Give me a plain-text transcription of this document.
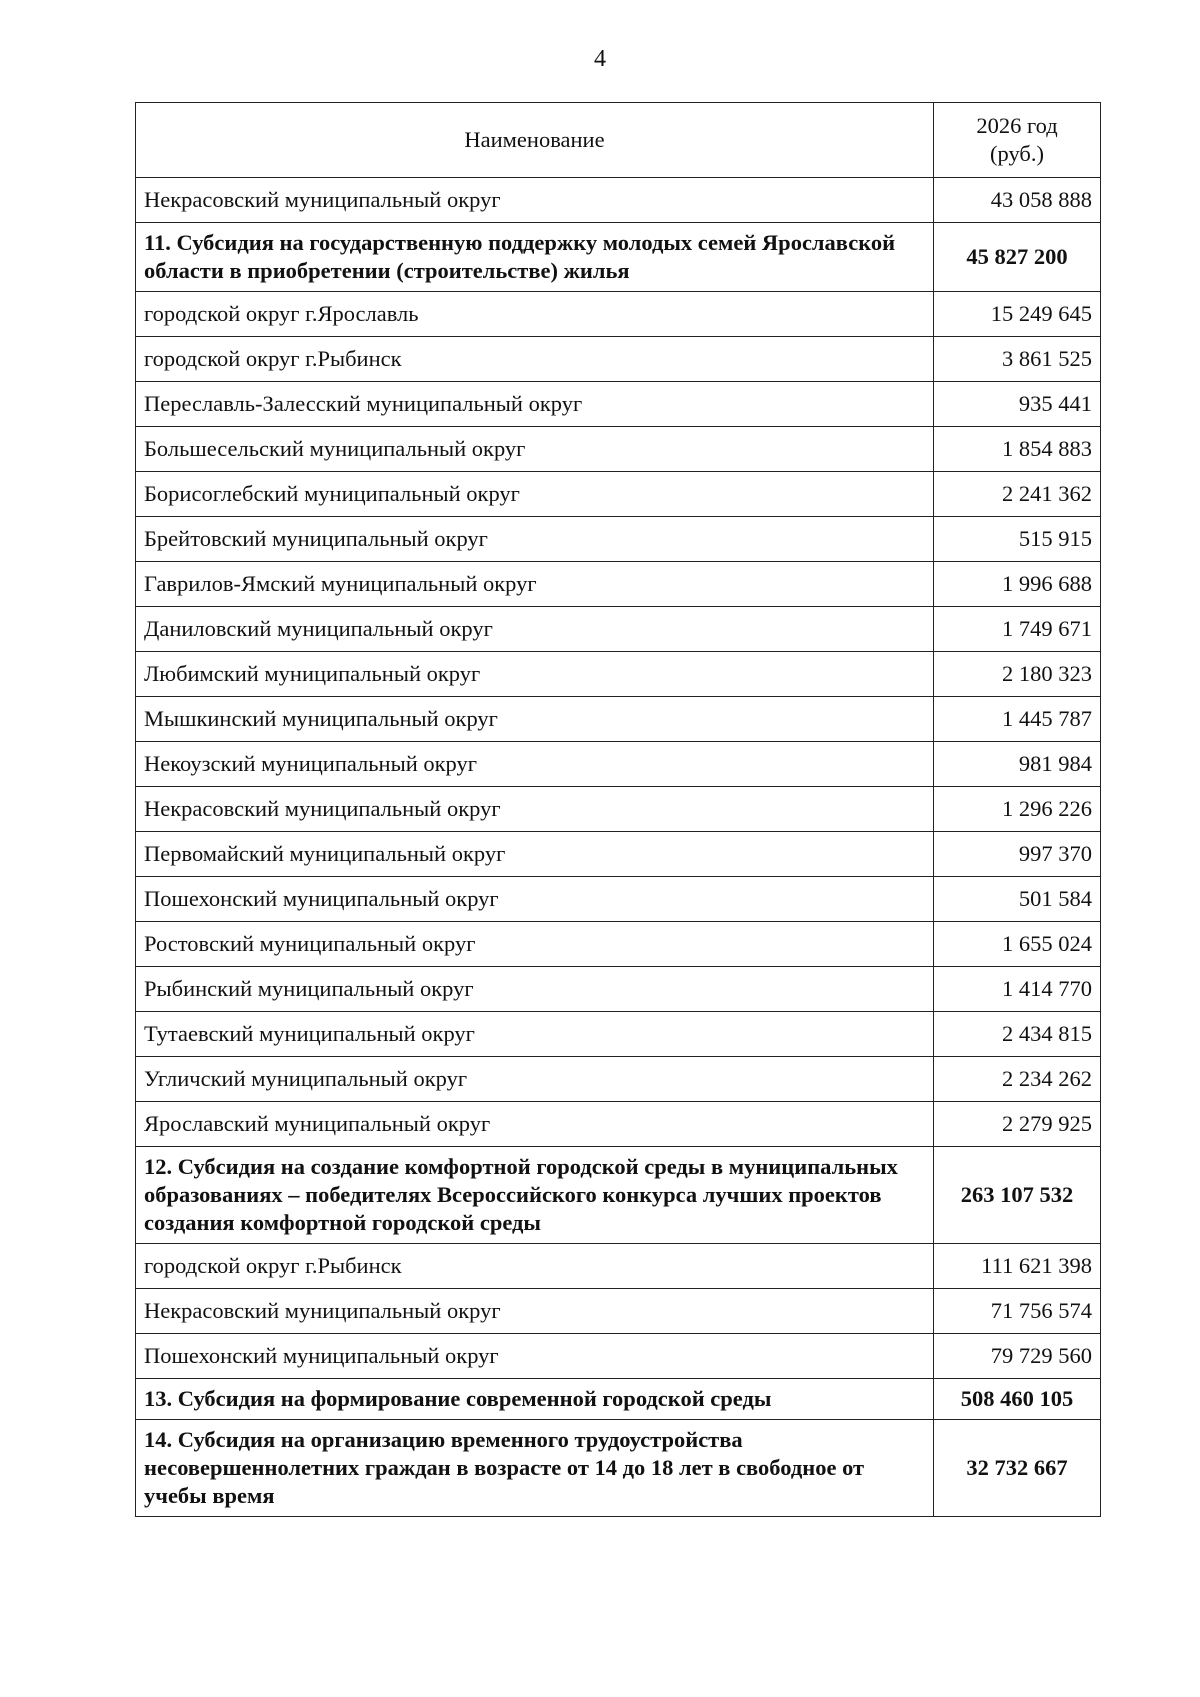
4
Наименование	2026 год
(руб.)
Некрасовский муниципальный округ	43 058 888
11. Субсидия на государственную поддержку молодых семей Ярославской области в приобретении (строительстве) жилья	45 827 200
городской округ г.Ярославль	15 249 645
городской округ г.Рыбинск	3 861 525
Переславль-Залесский муниципальный округ	935 441
Большесельский муниципальный округ	1 854 883
Борисоглебский муниципальный округ	2 241 362
Брейтовский муниципальный округ	515 915
Гаврилов-Ямский муниципальный округ	1 996 688
Даниловский муниципальный округ	1 749 671
Любимский муниципальный округ	2 180 323
Мышкинский муниципальный округ	1 445 787
Некоузский муниципальный округ	981 984
Некрасовский муниципальный округ	1 296 226
Первомайский муниципальный округ	997 370
Пошехонский муниципальный округ	501 584
Ростовский муниципальный округ	1 655 024
Рыбинский муниципальный округ	1 414 770
Тутаевский муниципальный округ	2 434 815
Угличский муниципальный округ	2 234 262
Ярославский муниципальный округ	2 279 925
12. Субсидия на создание комфортной городской среды в муниципальных образованиях – победителях Всероссийского конкурса лучших проектов создания комфортной городской среды	263 107 532
городской округ г.Рыбинск	111 621 398
Некрасовский муниципальный округ	71 756 574
Пошехонский муниципальный округ	79 729 560
13. Субсидия на формирование современной городской среды	508 460 105
14. Субсидия на организацию временного трудоустройства несовершеннолетних граждан в возрасте от 14 до 18 лет в свободное от учебы время	32 732 667
